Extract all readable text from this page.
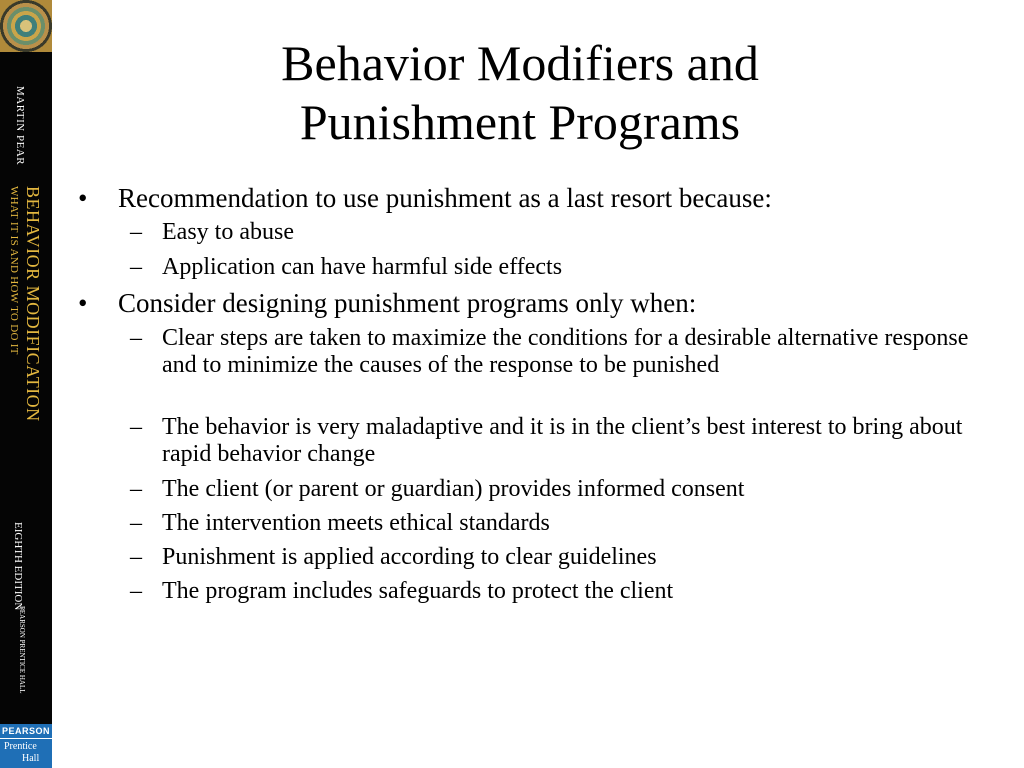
MARTIN PEAR
BEHAVIOR MODIFICATION
WHAT IT IS AND HOW TO DO IT
EIGHTH EDITION
PEARSON PRENTICE HALL
PEARSON
Prentice
Hall
Behavior Modifiers and
Punishment Programs
• Recommendation to use punishment as a last resort because:
– Easy to abuse
– Application can have harmful side effects
• Consider designing punishment programs only when:
– Clear steps are taken to maximize the conditions for a desirable alternative response and to minimize the causes of the response to be punished
– The behavior is very maladaptive and it is in the client’s best interest to bring about rapid behavior change
– The client (or parent or guardian) provides informed consent
– The intervention meets ethical standards
– Punishment is applied according to clear guidelines
– The program includes safeguards to protect the client
